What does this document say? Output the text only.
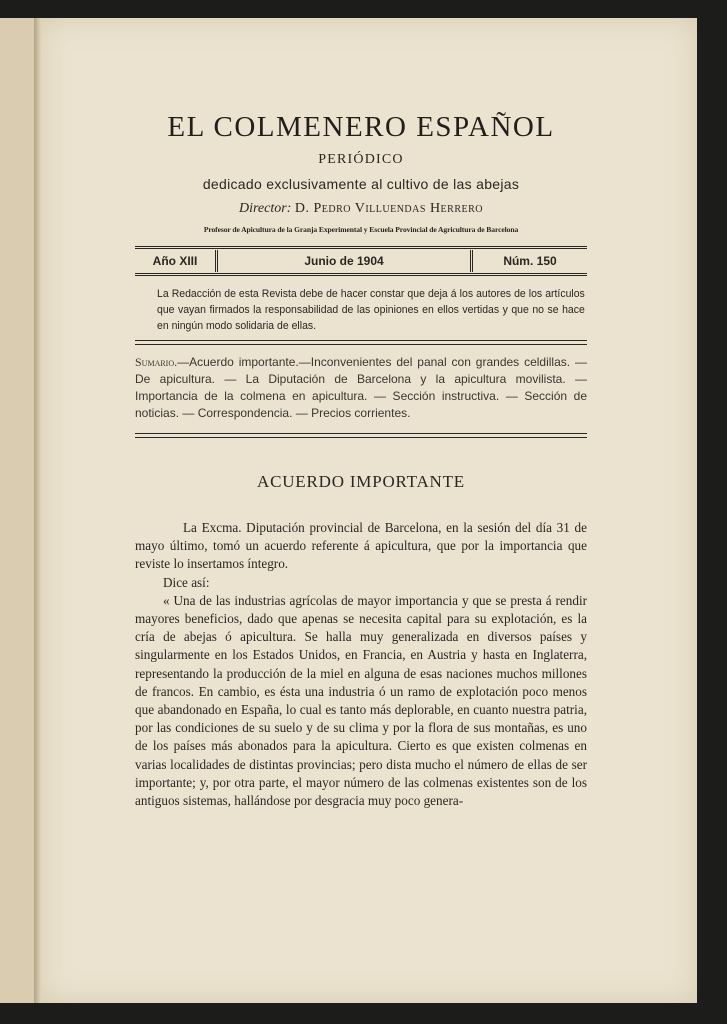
EL COLMENERO ESPAÑOL
PERIÓDICO
dedicado exclusivamente al cultivo de las abejas
Director: D. Pedro Villuendas Herrero
Profesor de Apicultura de la Granja Experimental y Escuela Provincial de Agricultura de Barcelona
Año XIII	Junio de 1904	Núm. 150
La Redacción de esta Revista debe de hacer constar que deja á los autores de los artículos que vayan firmados la responsabilidad de las opiniones en ellos vertidas y que no se hace en ningún modo solidaria de ellas.
Sumario.—Acuerdo importante.—Inconvenientes del panal con grandes celdillas. — De apicultura. — La Diputación de Barcelona y la apicultura movilista. — Importancia de la colmena en apicultura. — Sección instructiva. — Sección de noticias. — Correspondencia. — Precios corrientes.
ACUERDO IMPORTANTE

La Excma. Diputación provincial de Barcelona, en la sesión del día 31 de mayo último, tomó un acuerdo referente á apicultura, que por la importancia que reviste lo insertamos íntegro.

Dice así:

« Una de las industrias agrícolas de mayor importancia y que se presta á rendir mayores beneficios, dado que apenas se necesita capital para su explotación, es la cría de abejas ó apicultura. Se halla muy generalizada en diversos países y singularmente en los Estados Unidos, en Francia, en Austria y hasta en Inglaterra, representando la producción de la miel en alguna de esas naciones muchos millones de francos. En cambio, es ésta una industria ó un ramo de explotación poco menos que abandonado en España, lo cual es tanto más deplorable, en cuanto nuestra patria, por las condiciones de su suelo y de su clima y por la flora de sus montañas, es uno de los países más abonados para la apicultura. Cierto es que existen colmenas en varias localidades de distintas provincias; pero dista mucho el número de ellas de ser importante; y, por otra parte, el mayor número de las colmenas existentes son de los antiguos sistemas, hallándose por desgracia muy poco genera-
